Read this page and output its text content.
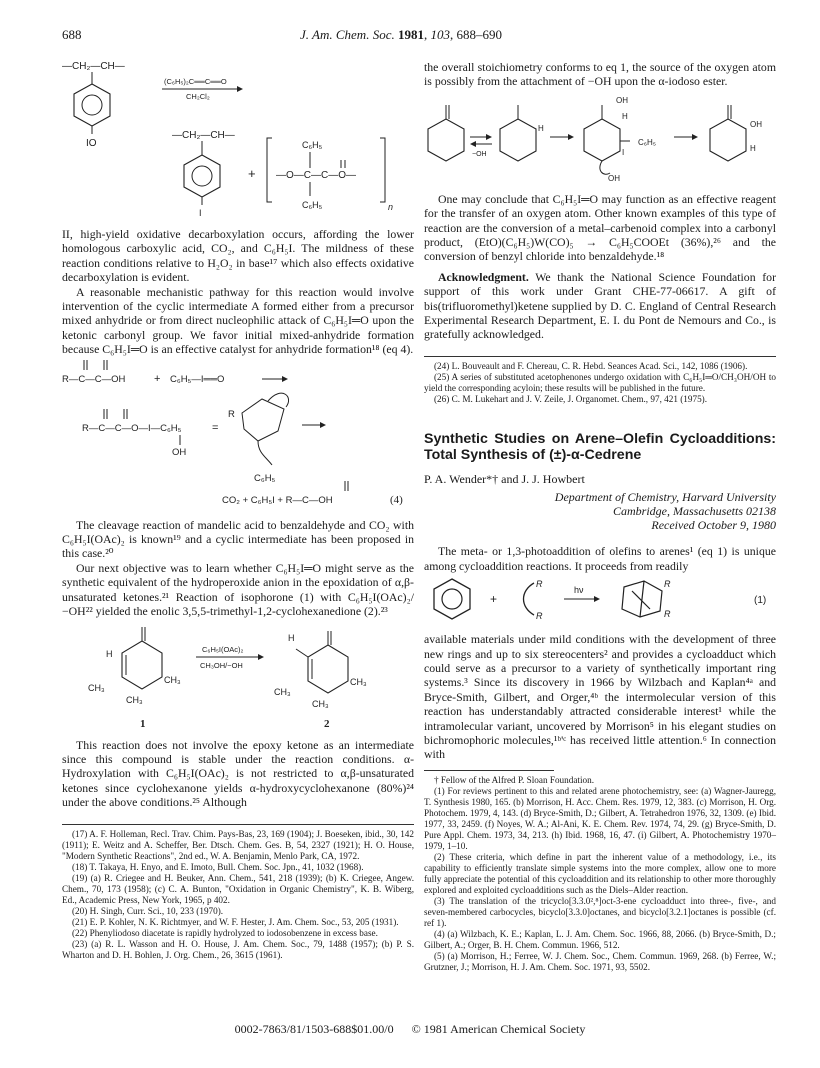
688	J. Am. Chem. Soc. 1981, 103, 688–690
—CH₂—CH—
IO
(C₆H₅)₂C══C══O
CH₂Cl₂
—CH₂—CH—
I
+ —O—C—C—O—
C₆H₅
C₆H₅	n

II, high-yield oxidative decarboxylation occurs, affording the lower homologous carboxylic acid, CO₂, and C₆H₅I. The mildness of these reaction conditions relative to H₂O₂ in base¹⁷ which also effects oxidative decarboxylation is evident.

A reasonable mechanistic pathway for this reaction would involve intervention of the cyclic intermediate A formed either from a precursor mixed anhydride or from direct nucleophilic attack of C₆H₅I═O upon the ketonic carbonyl group. We favor initial mixed-anhydride formation because C₆H₅I═O is an effective catalyst for anhydride formation¹⁸ (eq 4).

R—C—C—OH	+ C₆H₅—I══O
R—C—C—O—I—C₆H₅
OH
=
R
C₆H₅
CO₂ + C₆H₅I + R—C—OH	(4)

The cleavage reaction of mandelic acid to benzaldehyde and CO₂ with C₆H₅I(OAc)₂ is known¹⁹ and a cyclic intermediate has been proposed in this case.²⁰

Our next objective was to learn whether C₆H₅I═O might serve as the synthetic equivalent of the hydroperoxide anion in the epoxidation of α,β-unsaturated ketones.²¹ Reaction of isophorone (1) with C₆H₅I(OAc)₂/−OH²² yielded the enolic 3,5,5-trimethyl-1,2-cyclohexanedione (2).²³

H
CH₃
CH₃
CH₃
1
C₆H₅I(OAc)₂
CH₃OH/−OH
H
CH₃
CH₃
CH₃
2

This reaction does not involve the epoxy ketone as an intermediate since this compound is stable under the reaction conditions. α-Hydroxylation with C₆H₅I(OAc)₂ is not restricted to α,β-unsaturated ketones since cyclohexanone yields α-hydroxycyclohexanone (80%)²⁴ under the above conditions.²⁵ Although

(17) A. F. Holleman, Recl. Trav. Chim. Pays-Bas, 23, 169 (1904); J. Boeseken, ibid., 30, 142 (1911); E. Weitz and A. Scheffer, Ber. Dtsch. Chem. Ges. B, 54, 2327 (1921); H. O. House, "Modern Synthetic Reactions", 2nd ed., W. A. Benjamin, Menlo Park, CA, 1972.

(18) T. Takaya, H. Enyo, and E. Imoto, Bull. Chem. Soc. Jpn., 41, 1032 (1968).

(19) (a) R. Criegee and H. Beuker, Ann. Chem., 541, 218 (1939); (b) K. Criegee, Angew. Chem., 70, 173 (1958); (c) C. A. Bunton, "Oxidation in Organic Chemistry", K. B. Wiberg, Ed., Academic Press, New York, 1965, p 402.

(20) H. Singh, Curr. Sci., 10, 233 (1970).

(21) E. P. Kohler, N. K. Richtmyer, and W. F. Hester, J. Am. Chem. Soc., 53, 205 (1931).

(22) Phenyliodoso diacetate is rapidly hydrolyzed to iodosobenzene in excess base.

(23) (a) R. L. Wasson and H. O. House, J. Am. Chem. Soc., 79, 1488 (1957); (b) P. S. Wharton and D. H. Bohlen, J. Org. Chem., 26, 3615 (1961).

the overall stoichiometry conforms to eq 1, the source of the oxygen atom is possibly from the attachment of −OH upon the α-iodoso ester.

−OH
H
OH
H
I
C₆H₅
OH
OH
H

One may conclude that C₆H₅I═O may function as an effective reagent for the transfer of an oxygen atom. Other known examples of this type of reaction are the conversion of a metal–carbenoid complex into a carbonyl product, (EtO)(C₆H₅)W(CO)₅ → C₆H₅COOEt (36%),²⁶ and the conversion of benzyl chloride into benzaldehyde.¹⁸

Acknowledgment. We thank the National Science Foundation for support of this work under Grant CHE-77-06617. A gift of bis(trifluoromethyl)ketene supplied by D. C. England of Central Research Experimental Research Department, E. I. du Pont de Nemours and Co., is gratefully acknowledged.

(24) L. Bouveault and F. Chereau, C. R. Hebd. Seances Acad. Sci., 142, 1086 (1906).

(25) A series of substituted acetophenones undergo oxidation with C₆H₅I═O/CH₃OH/OH to yield the corresponding acyloin; these results will be published in the future.

(26) C. M. Lukehart and J. V. Zeile, J. Organomet. Chem., 97, 421 (1975).

Synthetic Studies on Arene–Olefin Cycloadditions: Total Synthesis of (±)-α-Cedrene

P. A. Wender*† and J. J. Howbert

Department of Chemistry, Harvard University

Cambridge, Massachusetts 02138

Received October 9, 1980

The meta- or 1,3-photoaddition of olefins to arenes¹ (eq 1) is unique among cycloaddition reactions. It proceeds from readily

+
R
R
hν
R
R
(1)

available materials under mild conditions with the development of three new rings and up to six stereocenters² and provides a cycloadduct which could serve as a precursor to a variety of synthetically important ring systems.³ Since its discovery in 1966 by Wilzbach and Kaplan⁴ᵃ and Bryce-Smith, Gilbert, and Orger,⁴ᵇ the intermolecular version of this reaction has understandably attracted considerable interest¹ while the intramolecular variant, uncovered by Morrison⁵ in his elegant studies on bichromophoric molecules,¹ᵇ'ᶜ has received little attention.⁶ In connection with

† Fellow of the Alfred P. Sloan Foundation.

(1) For reviews pertinent to this and related arene photochemistry, see: (a) Wagner-Jauregg, T. Synthesis 1980, 165. (b) Morrison, H. Acc. Chem. Res. 1979, 12, 383. (c) Morrison, H. Org. Photochem. 1979, 4, 143. (d) Bryce-Smith, D.; Gilbert, A. Tetrahedron 1976, 32, 1309. (e) Ibid. 1977, 33, 2459. (f) Noyes, W. A.; Al-Ani, K. E. Chem. Rev. 1974, 74, 29. (g) Bryce-Smith, D. Pure Appl. Chem. 1973, 34, 213. (h) Ibid. 1968, 16, 47. (i) Gilbert, A. Photochemistry 1970–1979, 1–10.

(2) These criteria, which define in part the inherent value of a methodology, i.e., its capability to efficiently translate simple systems into the more complex, allow one to more fully appreciate the potential of this cycloaddition and its relationship to other more thoroughly explored and exploited cycloadditions such as the Diels–Alder reaction.

(3) The translation of the tricyclo[3.3.0²,⁸]oct-3-ene cycloadduct into three-, five-, and seven-membered carbocycles, bicyclo[3.3.0]octanes, and bicyclo[3.2.1]octanes is possible (cf. ref 1).

(4) (a) Wilzbach, K. E.; Kaplan, L. J. Am. Chem. Soc. 1966, 88, 2066. (b) Bryce-Smith, D.; Gilbert, A.; Orger, B. H. Chem. Commun. 1966, 512.

(5) (a) Morrison, H.; Ferree, W. J. Chem. Soc., Chem. Commun. 1969, 268. (b) Ferree, W.; Grutzner, J.; Morrison, H. J. Am. Chem. Soc. 1971, 93, 5502.

0002-7863/81/1503-688$01.00/0 © 1981 American Chemical Society
